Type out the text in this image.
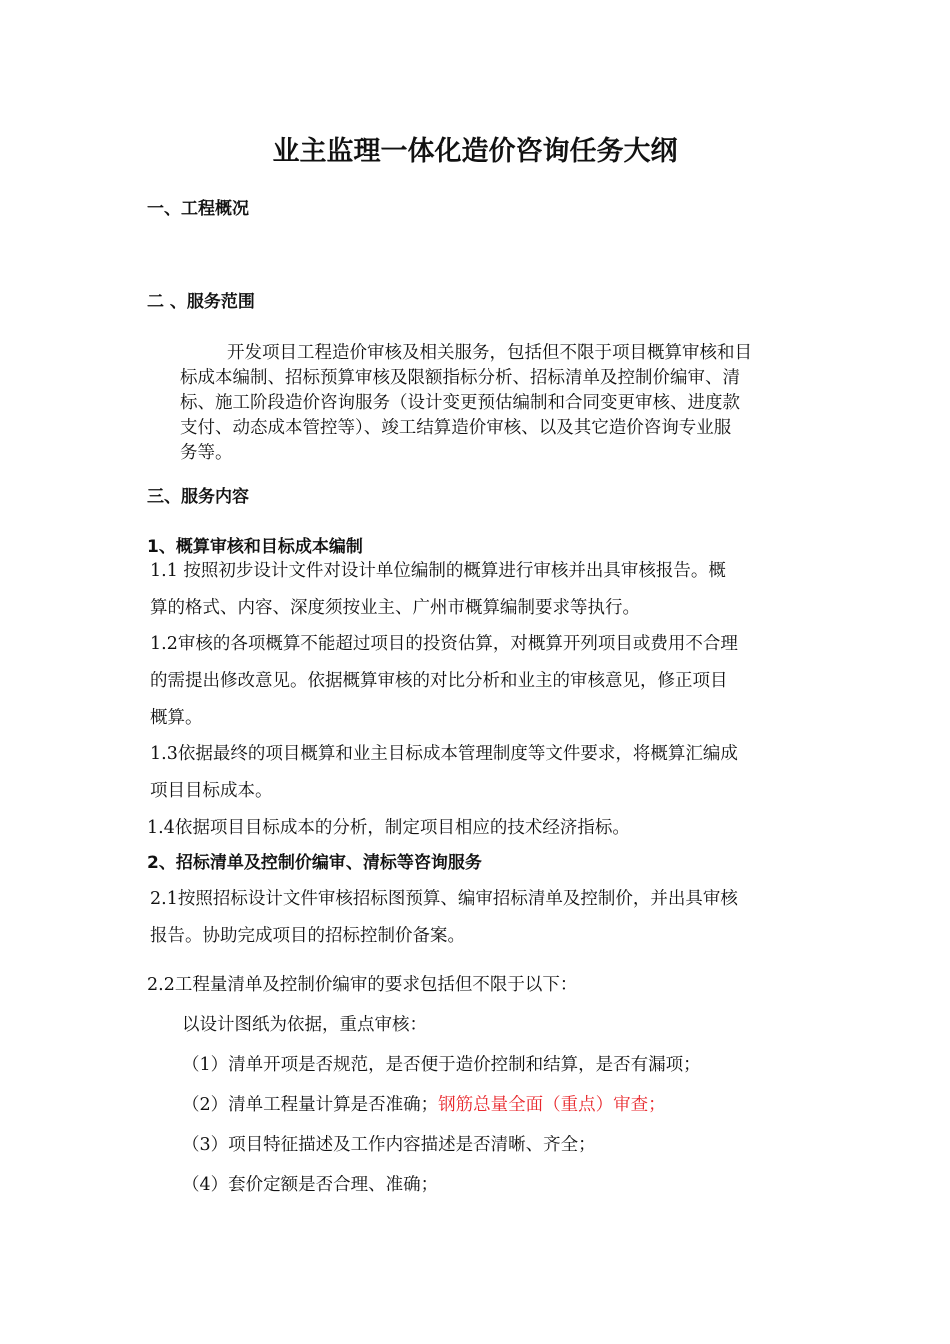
业主监理一体化造价咨询任务大纲
一、工程概况
二 、服务范围
开发项目工程造价审核及相关服务，包括但不限于项目概算审核和目
标成本编制、招标预算审核及限额指标分析、招标清单及控制价编审、清
标、施工阶段造价咨询服务（设计变更预估编制和合同变更审核、进度款
支付、动态成本管控等）、竣工结算造价审核、以及其它造价咨询专业服
务等。
三、服务内容
1、概算审核和目标成本编制
1.1 按照初步设计文件对设计单位编制的概算进行审核并出具审核报告。概
算的格式、内容、深度须按业主、广州市概算编制要求等执行。
1.2审核的各项概算不能超过项目的投资估算，对概算开列项目或费用不合理
的需提出修改意见。依据概算审核的对比分析和业主的审核意见，修正项目
概算。
1.3依据最终的项目概算和业主目标成本管理制度等文件要求，将概算汇编成
项目目标成本。
1.4依据项目目标成本的分析，制定项目相应的技术经济指标。
2、招标清单及控制价编审、清标等咨询服务
2.1按照招标设计文件审核招标图预算、编审招标清单及控制价，并出具审核
报告。协助完成项目的招标控制价备案。
2.2工程量清单及控制价编审的要求包括但不限于以下：
以设计图纸为依据，重点审核：
（1）清单开项是否规范，是否便于造价控制和结算，是否有漏项；
（2）清单工程量计算是否准确；钢筋总量全面（重点）审查；
（3）项目特征描述及工作内容描述是否清晰、齐全；
（4）套价定额是否合理、准确；
